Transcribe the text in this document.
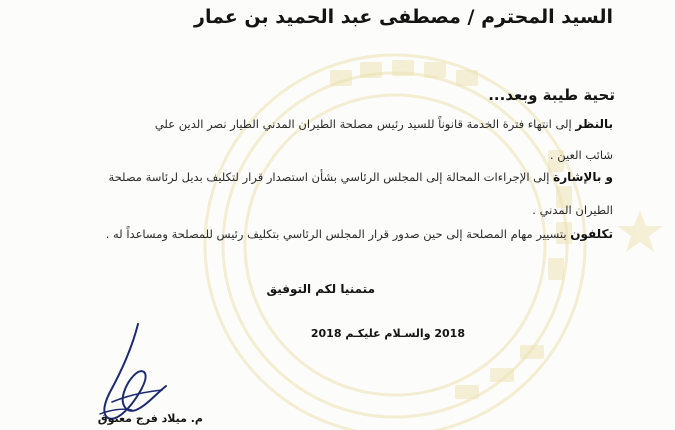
السيد المحترم / مصطفى عبد الحميد بن عمار
تحية طيبة وبعد...
بالنظر إلى انتهاء فترة الخدمة قانوناً للسيد رئيس مصلحة الطيران المدني الطيار نصر الدين علي
شائب العين .
و بالإشارة إلى الإجراءات المحالة إلى المجلس الرئاسي بشأن استصدار قرار لتكليف بديل لرئاسة مصلحة
الطيران المدني .
تكلفون بتسيير مهام المصلحة إلى حين صدور قرار المجلس الرئاسي بتكليف رئيس للمصلحة ومساعداً له .
متمنيا لكم التوفيق
2018 والسـلام عليكـم 2018
م. ميلاد فرج معتوق
